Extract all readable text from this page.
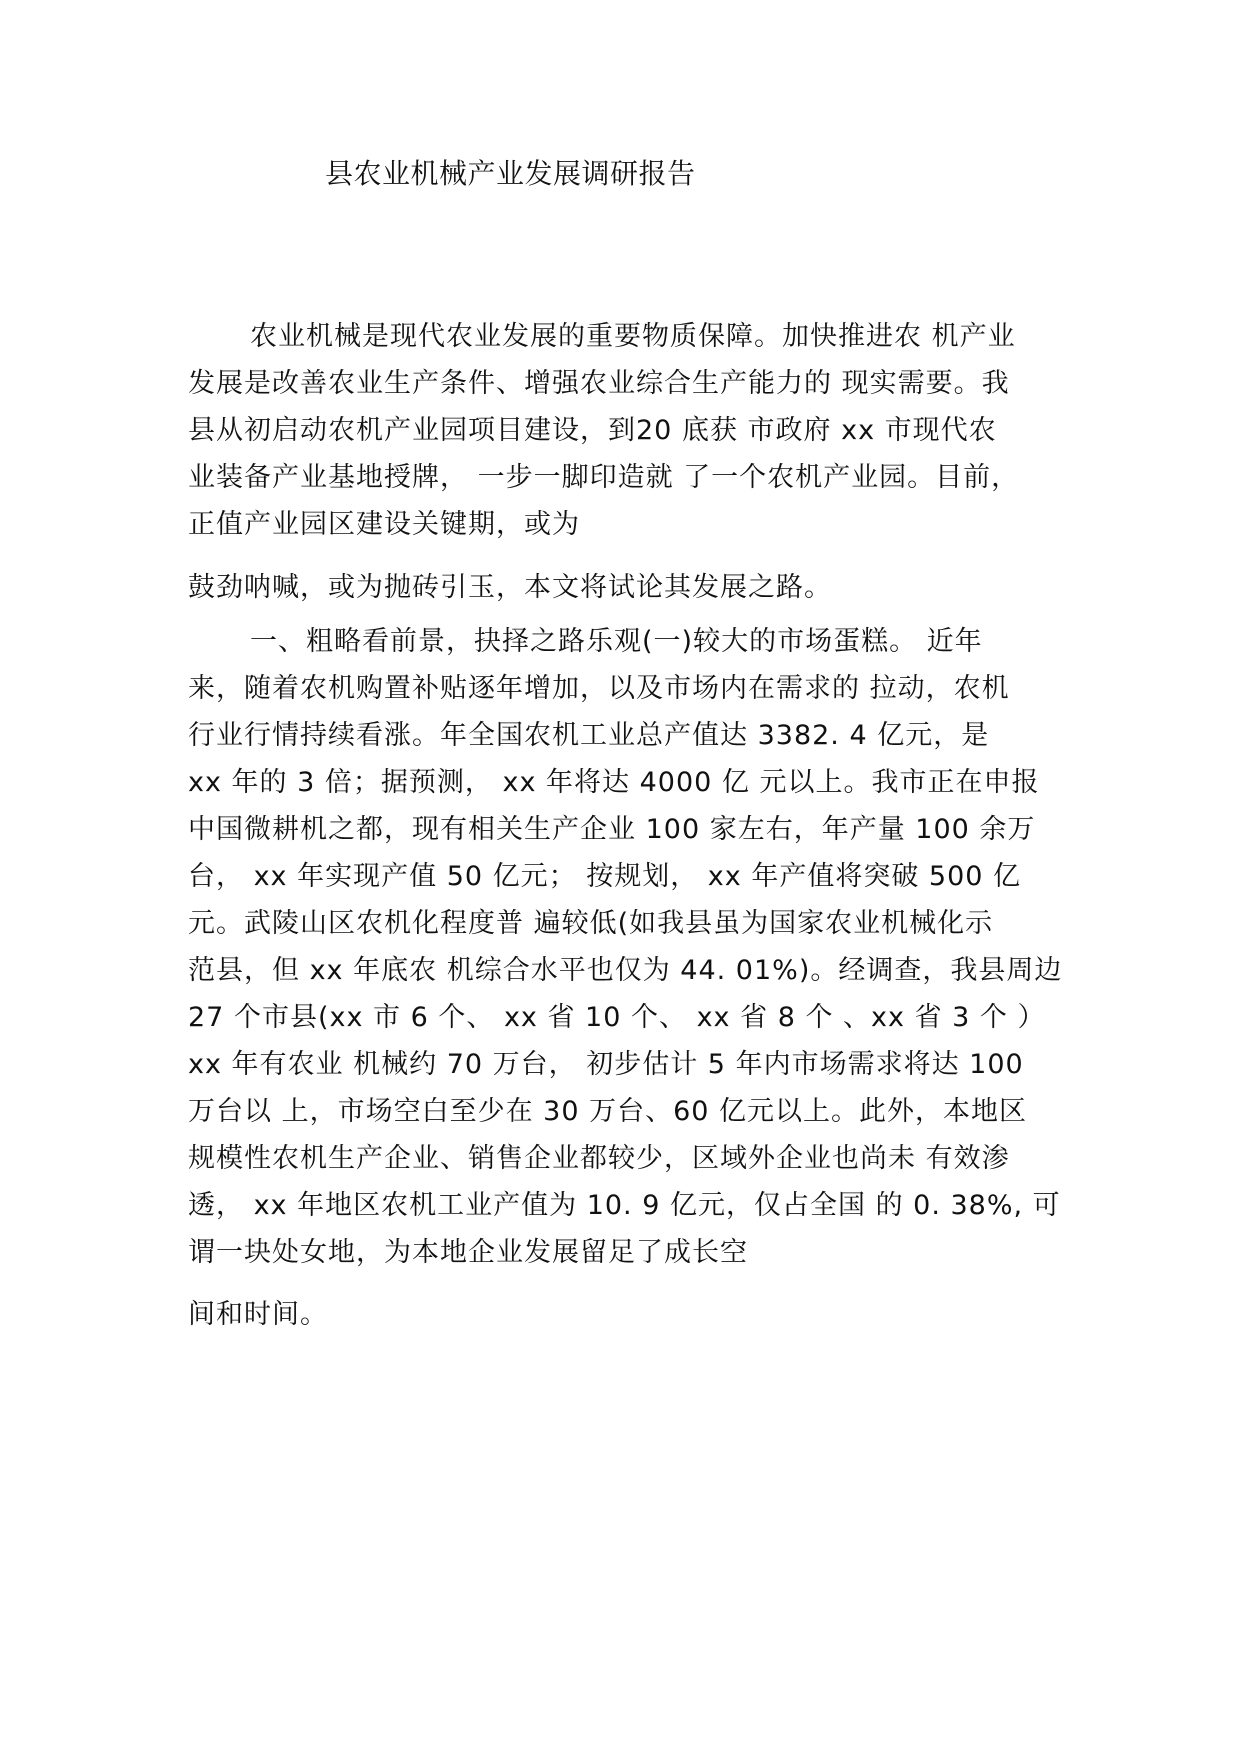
县农业机械产业发展调研报告
农业机械是现代农业发展的重要物质保障。加快推进农 机产业
发展是改善农业生产条件、增强农业综合生产能力的 现实需要。我
县从初启动农机产业园项目建设，到20 底获 市政府 xx 市现代农
业装备产业基地授牌， 一步一脚印造就 了一个农机产业园。目前，
正值产业园区建设关键期，或为
鼓劲呐喊，或为抛砖引玉，本文将试论其发展之路。
一、粗略看前景，抉择之路乐观(一)较大的市场蛋糕。 近年
来，随着农机购置补贴逐年增加，以及市场内在需求的 拉动，农机
行业行情持续看涨。年全国农机工业总产值达 3382. 4 亿元，是
xx 年的 3 倍；据预测， xx 年将达 4000 亿 元以上。我市正在申报
中国微耕机之都，现有相关生产企业 100 家左右，年产量 100 余万
台， xx 年实现产值 50 亿元； 按规划， xx 年产值将突破 500 亿
元。武陵山区农机化程度普 遍较低(如我县虽为国家农业机械化示
范县，但 xx 年底农 机综合水平也仅为 44. 01%)。经调查，我县周边
27 个市县(xx 市 6 个、 xx 省 10 个、 xx 省 8 个 、xx 省 3 个 ）
xx 年有农业 机械约 70 万台， 初步估计 5 年内市场需求将达 100
万台以 上，市场空白至少在 30 万台、60 亿元以上。此外，本地区
规模性农机生产企业、销售企业都较少，区域外企业也尚未 有效渗
透， xx 年地区农机工业产值为 10. 9 亿元，仅占全国 的 0. 38%, 可
谓一块处女地，为本地企业发展留足了成长空
间和时间。
